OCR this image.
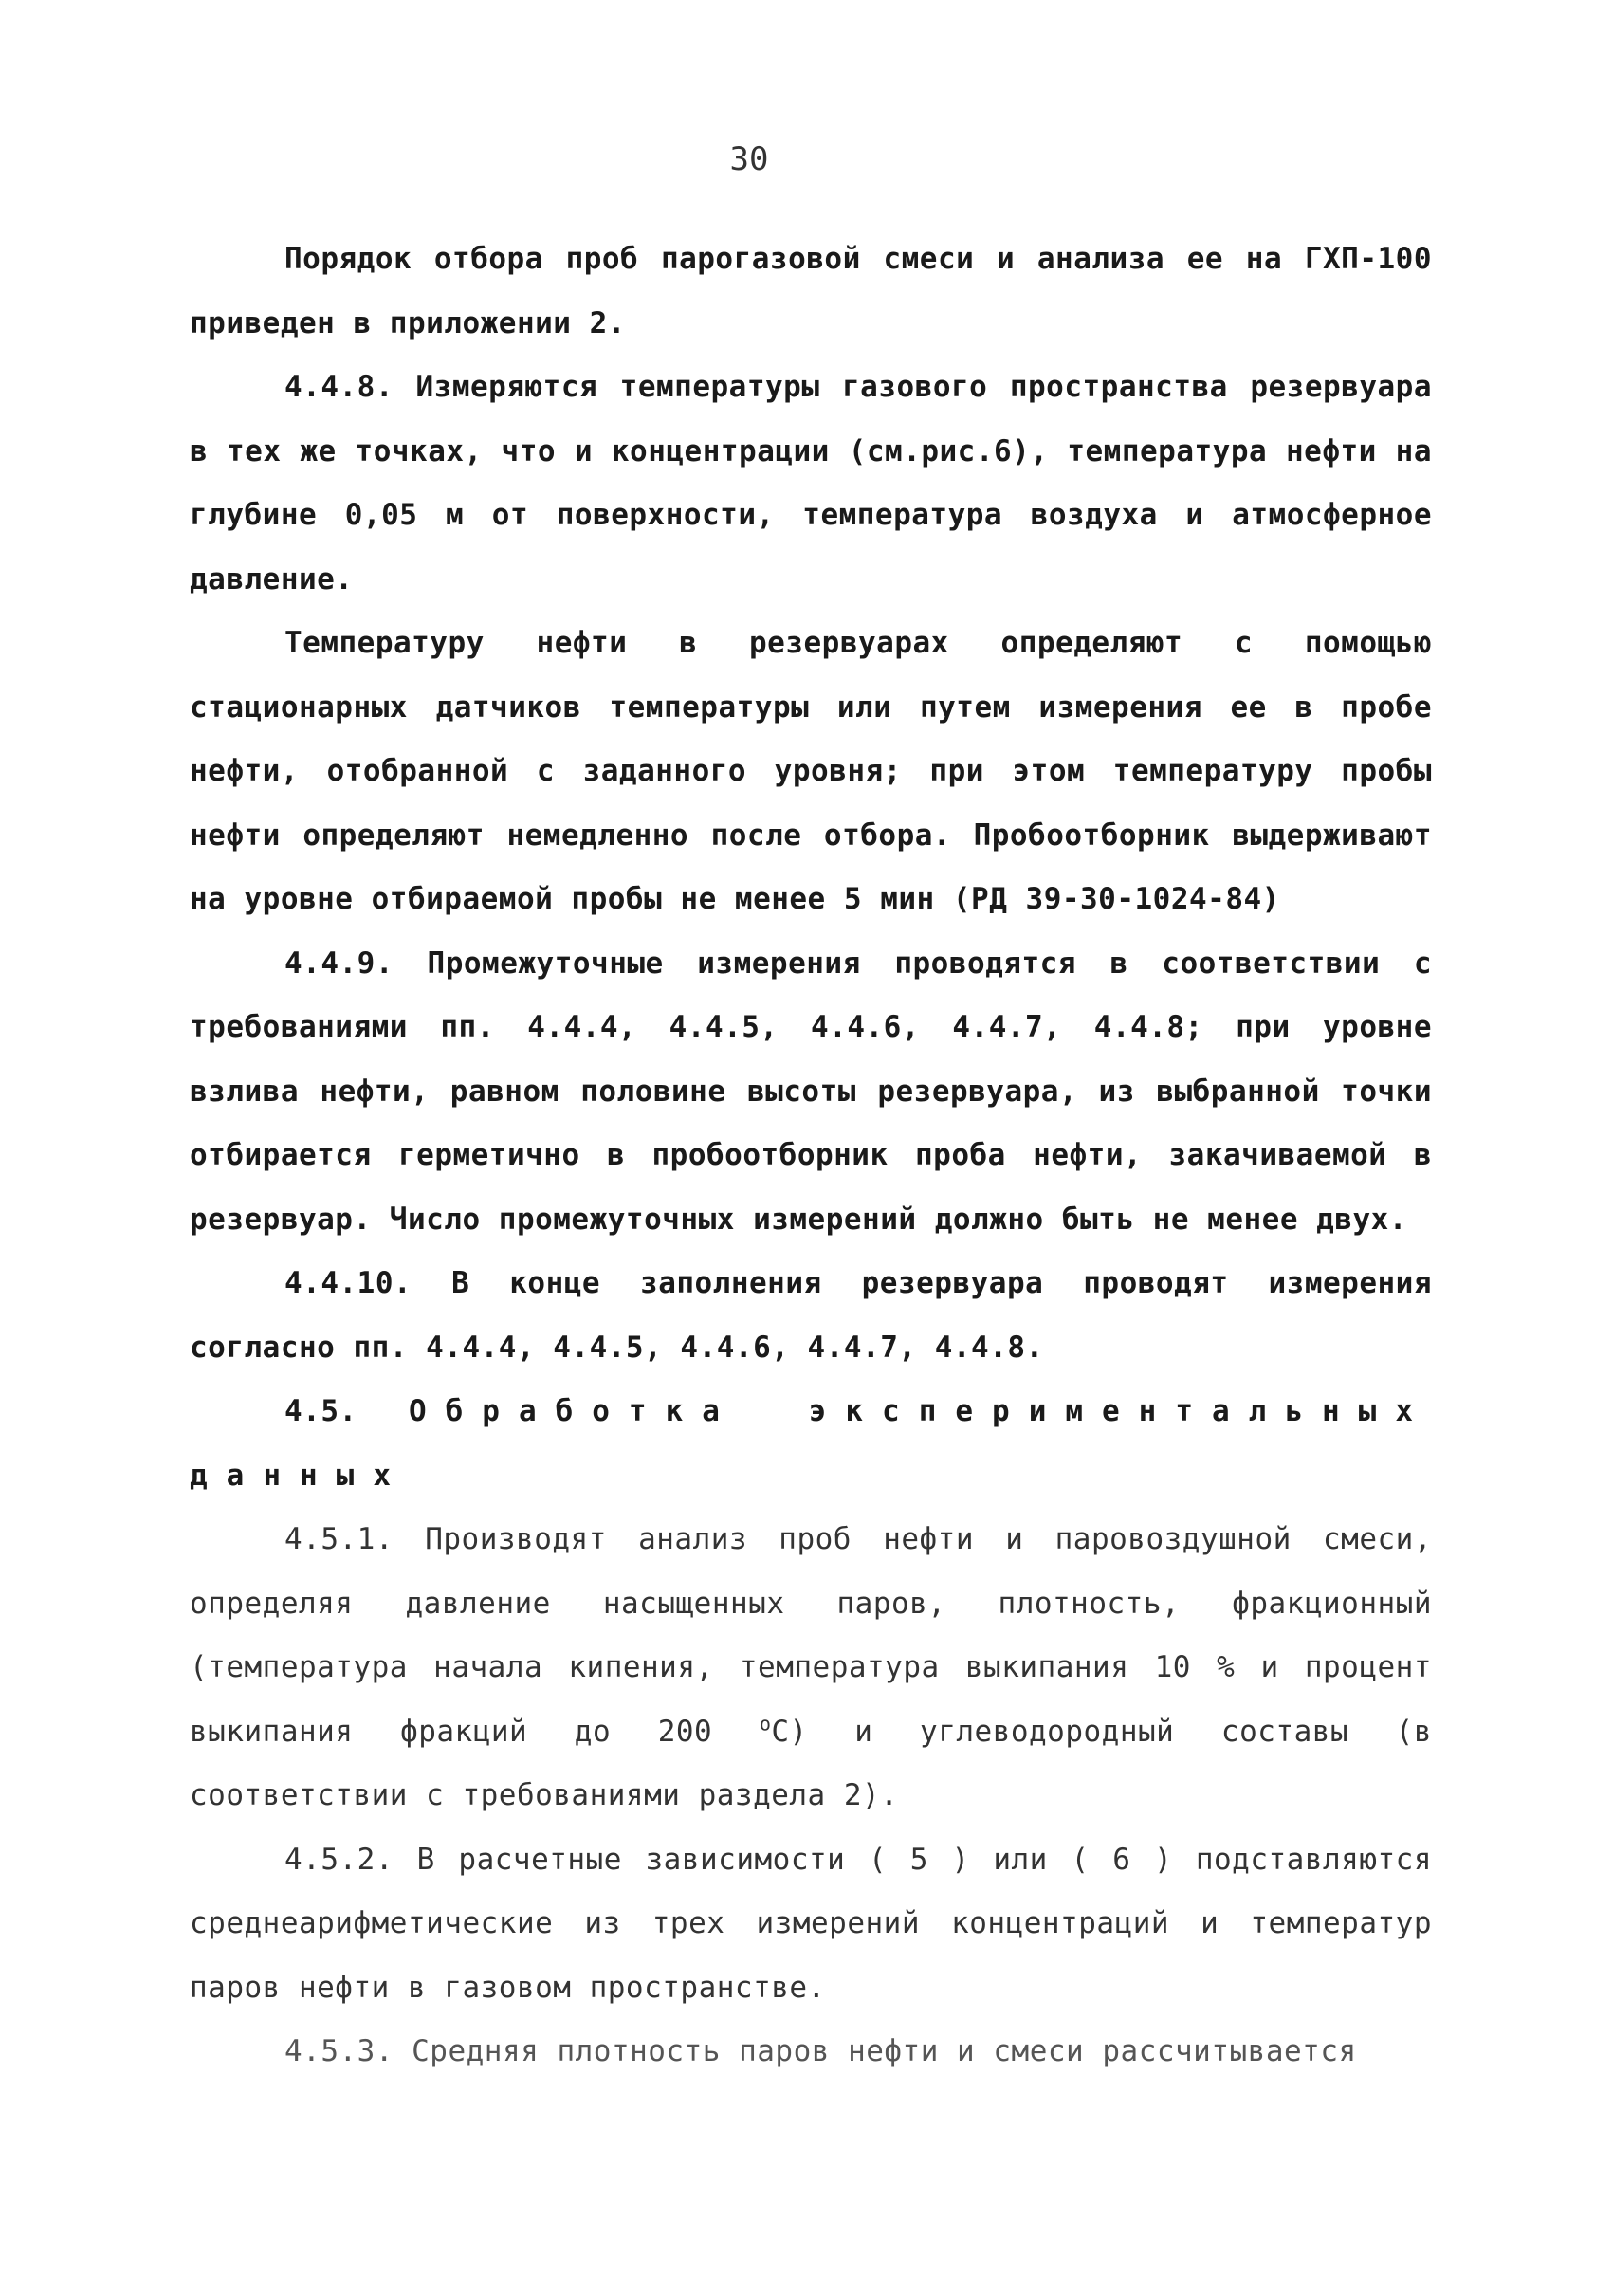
30

Порядок отбора проб парогазовой смеси и анализа ее на ГХП-100 приведен в приложении 2.

4.4.8. Измеряются температуры газового пространства резервуара в тех же точках, что и концентрации (см.рис.6), температура нефти на глубине 0,05 м от поверхности, температура воздуха и атмосферное давление.

Температуру нефти в резервуарах определяют с помощью стационарных датчиков температуры или путем измерения ее в пробе нефти, отобранной с заданного уровня; при этом температуру пробы нефти определяют немедленно после отбора. Пробоотборник выдерживают на уровне отбираемой пробы не менее 5 мин (РД 39-30-1024-84)

4.4.9. Промежуточные измерения проводятся в соответствии с требованиями пп. 4.4.4, 4.4.5, 4.4.6, 4.4.7, 4.4.8; при уровне взлива нефти, равном половине высоты резервуара, из выбранной точки отбирается герметично в пробоотборник проба нефти, закачиваемой в резервуар. Число промежуточных измерений должно быть не менее двух.

4.4.10. В конце заполнения резервуара проводят измерения согласно пп. 4.4.4, 4.4.5, 4.4.6, 4.4.7, 4.4.8.

4.5. Обработка экспериментальных данных

4.5.1. Производят анализ проб нефти и паровоздушной смеси, определяя давление насыщенных паров, плотность, фракционный (температура начала кипения, температура выкипания 10 % и процент выкипания фракций до 200 $^о$С) и углеводородный составы (в соответствии с требованиями раздела 2).

4.5.2. В расчетные зависимости ( 5 ) или ( 6 ) подставляются среднеарифметические из трех измерений концентраций и температур паров нефти в газовом пространстве.

4.5.3. Средняя плотность паров нефти и смеси рассчитывается
